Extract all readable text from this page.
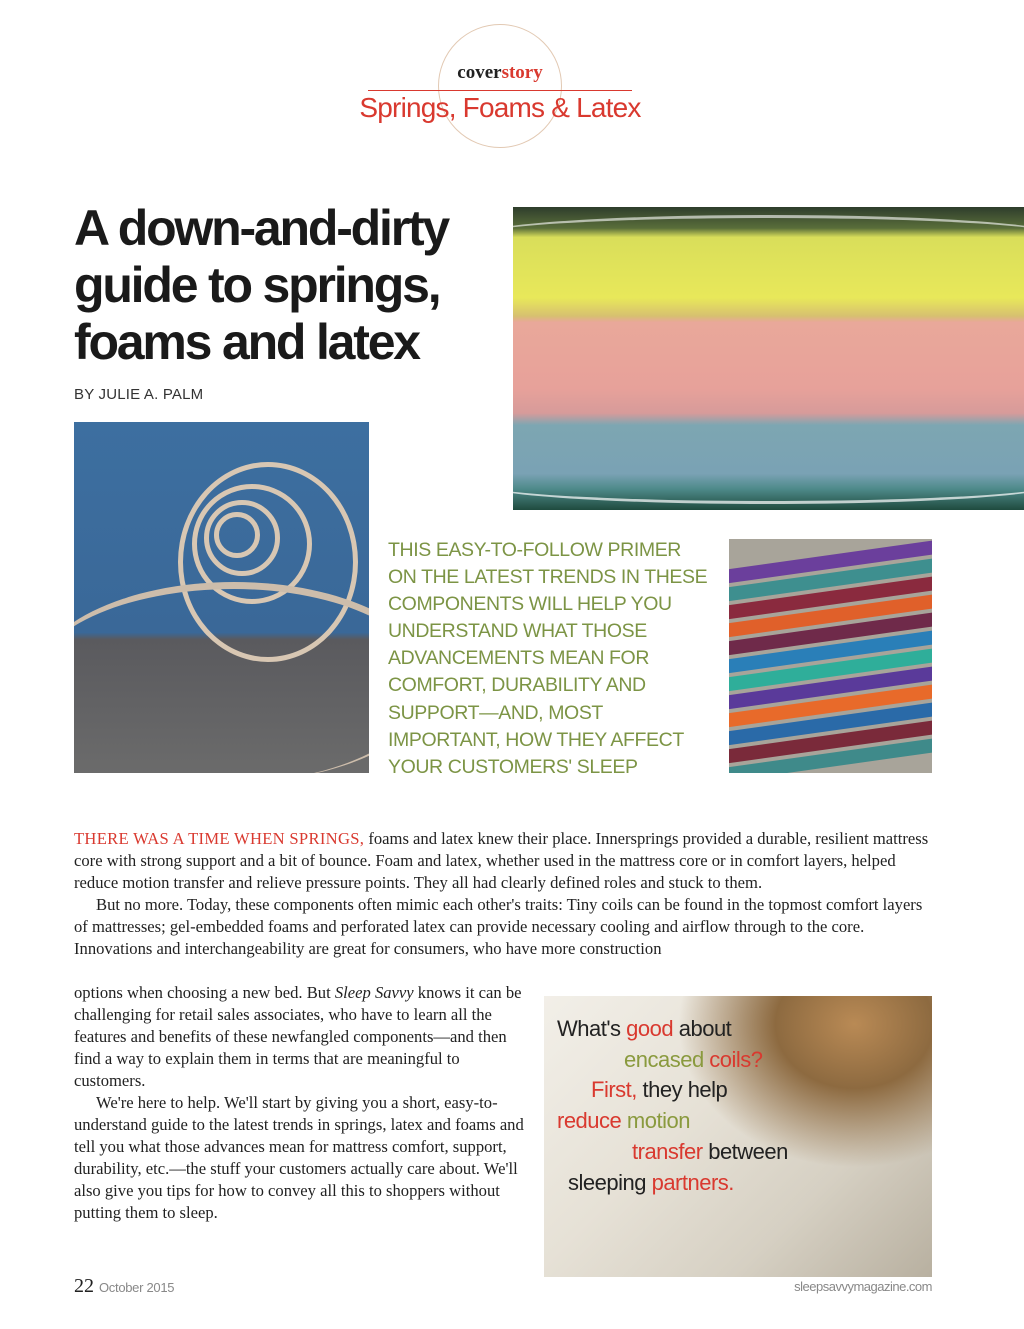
coverstory
Springs, Foams & Latex
A down-and-dirty guide to springs, foams and latex
BY JULIE A. PALM
What's good about
encased coils?
First, they help
reduce motion
transfer between
sleeping partners.
THIS EASY-TO-FOLLOW PRIMER ON THE LATEST TRENDS IN THESE COMPONENTS WILL HELP YOU UNDERSTAND WHAT THOSE ADVANCEMENTS MEAN FOR COMFORT, DURABILITY AND SUPPORT—AND, MOST IMPORTANT, HOW THEY AFFECT YOUR CUSTOMERS' SLEEP

THERE WAS A TIME WHEN SPRINGS, foams and latex knew their place. Innersprings provided a durable, resilient mattress core with strong support and a bit of bounce. Foam and latex, whether used in the mattress core or in comfort layers, helped reduce motion transfer and relieve pressure points. They all had clearly defined roles and stuck to them.

But no more. Today, these components often mimic each other's traits: Tiny coils can be found in the topmost comfort layers of mattresses; gel-embedded foams and perforated latex can provide necessary cooling and airflow through to the core. Innovations and interchangeability are great for consumers, who have more construction

options when choosing a new bed. But Sleep Savvy knows it can be challenging for retail sales associates, who have to learn all the features and benefits of these newfangled components—and then find a way to explain them in terms that are meaningful to customers.

We're here to help. We'll start by giving you a short, easy-to-understand guide to the latest trends in springs, latex and foams and tell you what those advances mean for mattress comfort, support, durability, etc.—the stuff your customers actually care about. We'll also give you tips for how to convey all this to shoppers without putting them to sleep.

22 October 2015	sleepsavvymagazine.com
